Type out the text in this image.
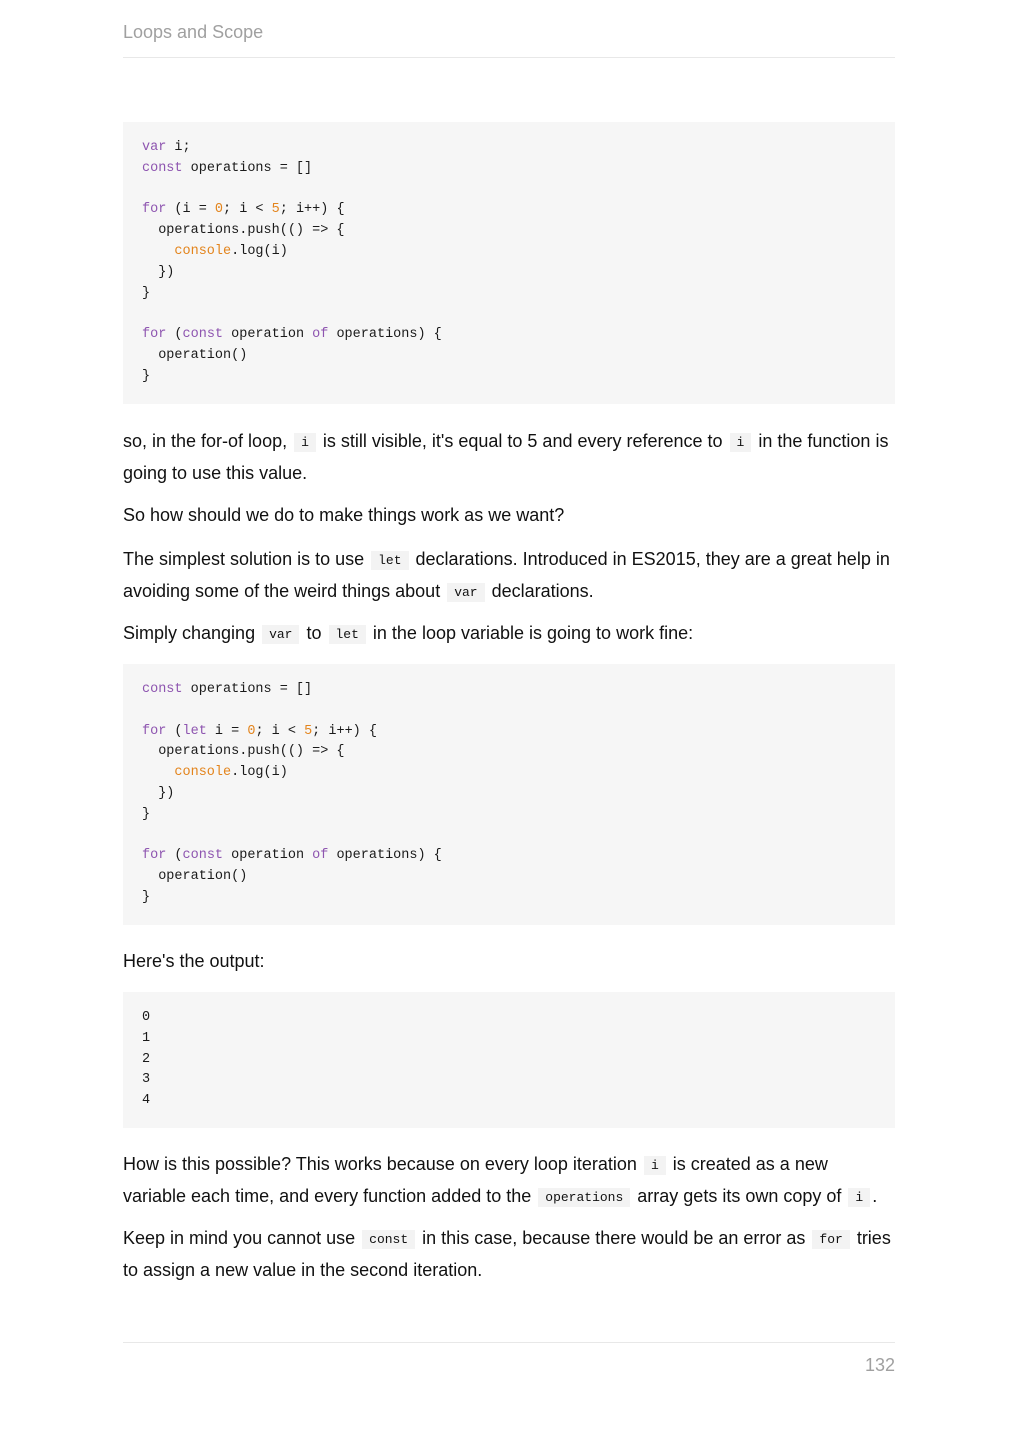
Loops and Scope
var i;
const operations = []

for (i = 0; i < 5; i++) {
operations.push(() => {
console.log(i)
})
}

for (const operation of operations) {
operation()
}

so, in the for-of loop, i is still visible, it's equal to 5 and every reference to i in the function is going to use this value.

So how should we do to make things work as we want?

The simplest solution is to use let declarations. Introduced in ES2015, they are a great help in avoiding some of the weird things about var declarations.

Simply changing var to let in the loop variable is going to work fine:

const operations = []

for (let i = 0; i < 5; i++) {
operations.push(() => {
console.log(i)
})
}

for (const operation of operations) {
operation()
}

Here's the output:

0
1
2
3
4

How is this possible? This works because on every loop iteration i is created as a new variable each time, and every function added to the operations array gets its own copy of i .

Keep in mind you cannot use const in this case, because there would be an error as for tries to assign a new value in the second iteration.

132
